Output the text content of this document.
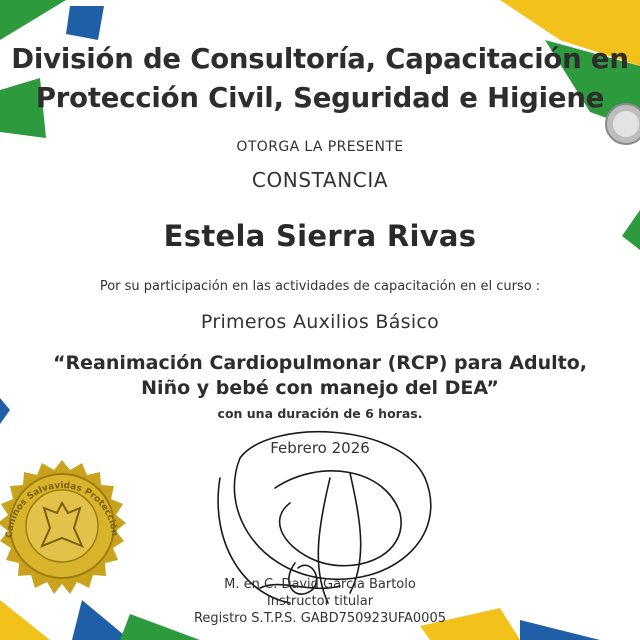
División de Consultoría, Capacitación en Protección Civil, Seguridad e Higiene
OTORGA LA PRESENTE
CONSTANCIA
Estela Sierra Rivas
Por su participación en las actividades de capacitación en el curso :
Primeros Auxilios Básico
“Reanimación Cardiopulmonar (RCP) para Adulto, Niño y bebé con manejo del DEA”
con una duración de 6 horas.
Febrero 2026
M. en C. David García Bartolo
Instructor titular
Registro S.T.P.S. GABD750923UFA0005
Caninos Salvavidas Protección
